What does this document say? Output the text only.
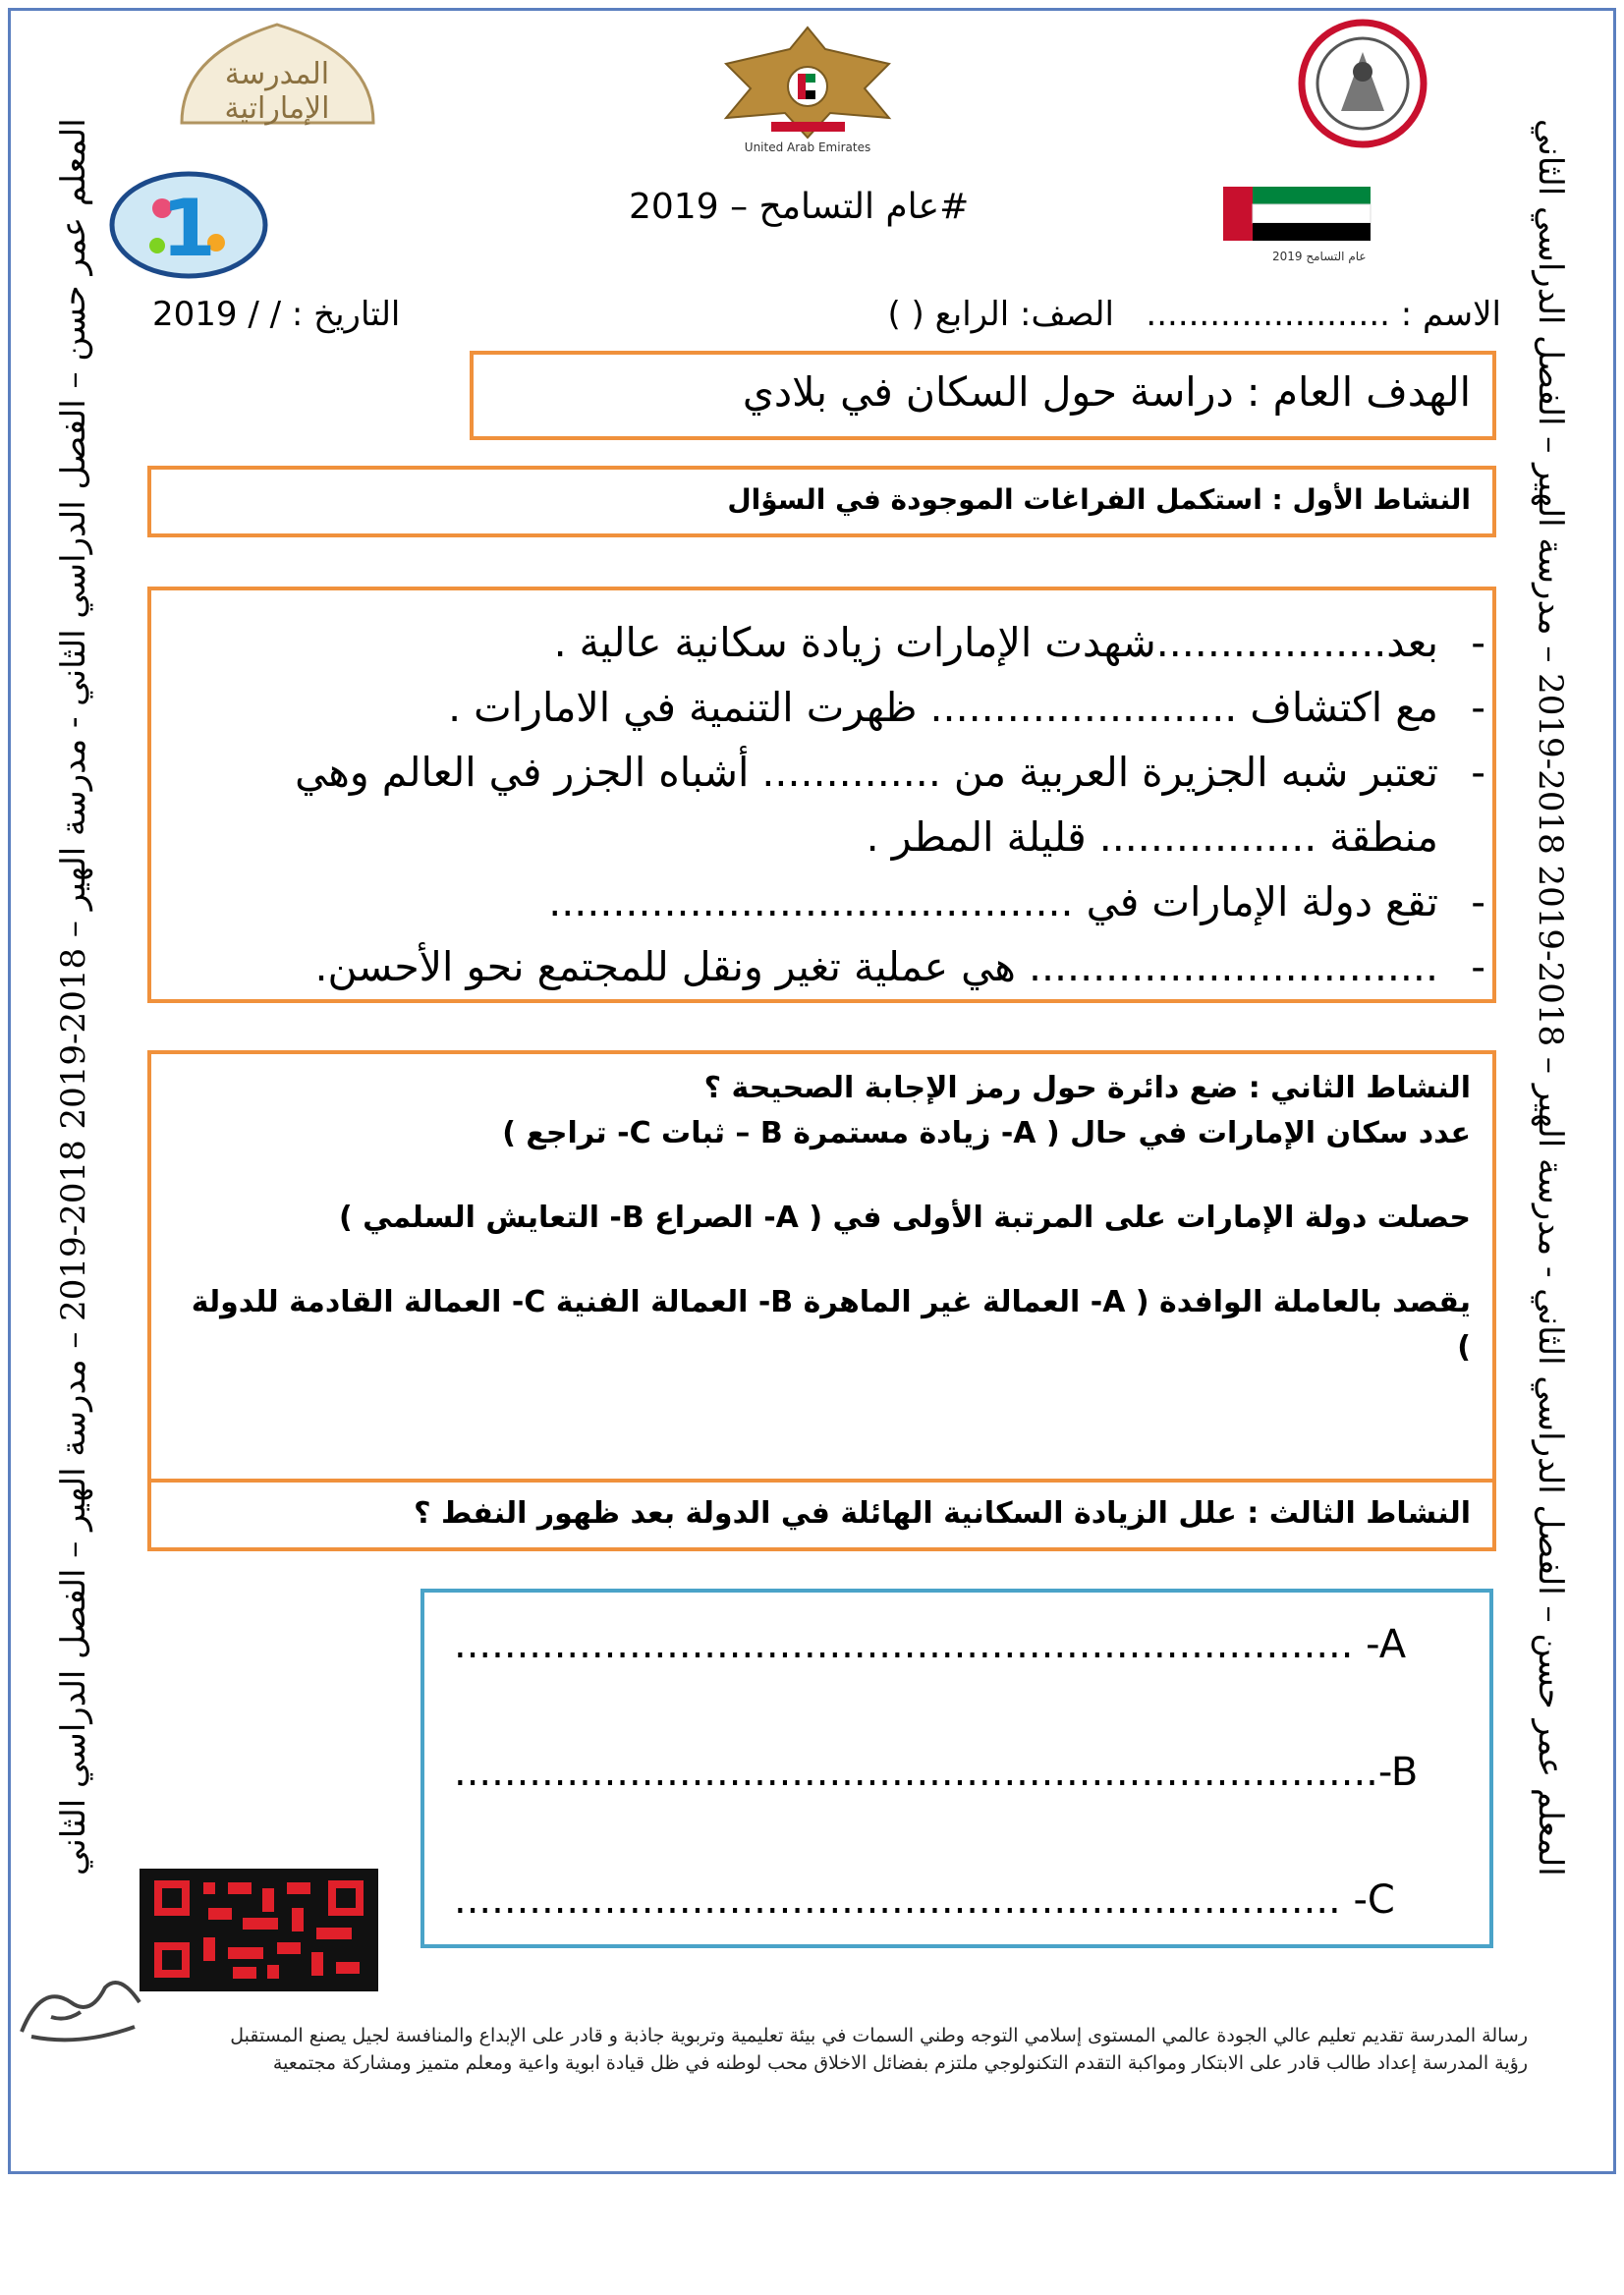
المعلم عمر حسن – الفصل الدراسي الثاني - مدرسة الهير – 2018-2019 2018-2019 – مدرسة الهير – الفصل الدراسي الثاني	المعلم عمر حسن – الفصل الدراسي الثاني - مدرسة الهير – 2018-2019 2018-2019 – مدرسة الهير – الفصل الدراسي الثاني
المدرسة
الإماراتية
United Arab Emirates
#عام التسامح – 2019
2019 عام التسامح
1
الاسم : .......................   الصف: الرابع ( )
التاريخ : / / 2019
الهدف العام : دراسة حول السكان في بلادي
النشاط الأول : استكمل الفراغات الموجودة في السؤال
-
بعد..................شهدت الإمارات زيادة سكانية عالية .
-
مع اكتشاف ........................ ظهرت التنمية في الامارات .
-
تعتبر شبه الجزيرة العربية من .............. أشباه الجزر في العالم وهي منطقة ................. قليلة المطر .
-
تقع دولة الإمارات في .........................................
-
................................ هي عملية تغير ونقل للمجتمع نحو الأحسن.

النشاط الثاني : ضع دائرة حول رمز الإجابة الصحيحة ؟

عدد سكان الإمارات في حال ( A- زيادة مستمرة B – ثبات C- تراجع )

حصلت دولة الإمارات على المرتبة الأولى في ( A- الصراع B- التعايش السلمي )

يقصد بالعاملة الوافدة ( A- العمالة غير الماهرة B- العمالة الفنية C- العمالة القادمة للدولة )

النشاط الثالث : علل الزيادة السكانية الهائلة في الدولة بعد ظهور النفط ؟
........................................................................ -A
..........................................................................-B
....................................................................... -C
رسالة المدرسة تقديم تعليم عالي الجودة عالمي المستوى إسلامي التوجه وطني السمات في بيئة تعليمية وتربوية جاذبة و قادر على الإبداع والمنافسة لجيل يصنع المستقبل
رؤية المدرسة إعداد طالب قادر على الابتكار ومواكبة التقدم التكنولوجي ملتزم بفضائل الاخلاق محب لوطنه في ظل قيادة ابوية واعية ومعلم متميز ومشاركة مجتمعية
